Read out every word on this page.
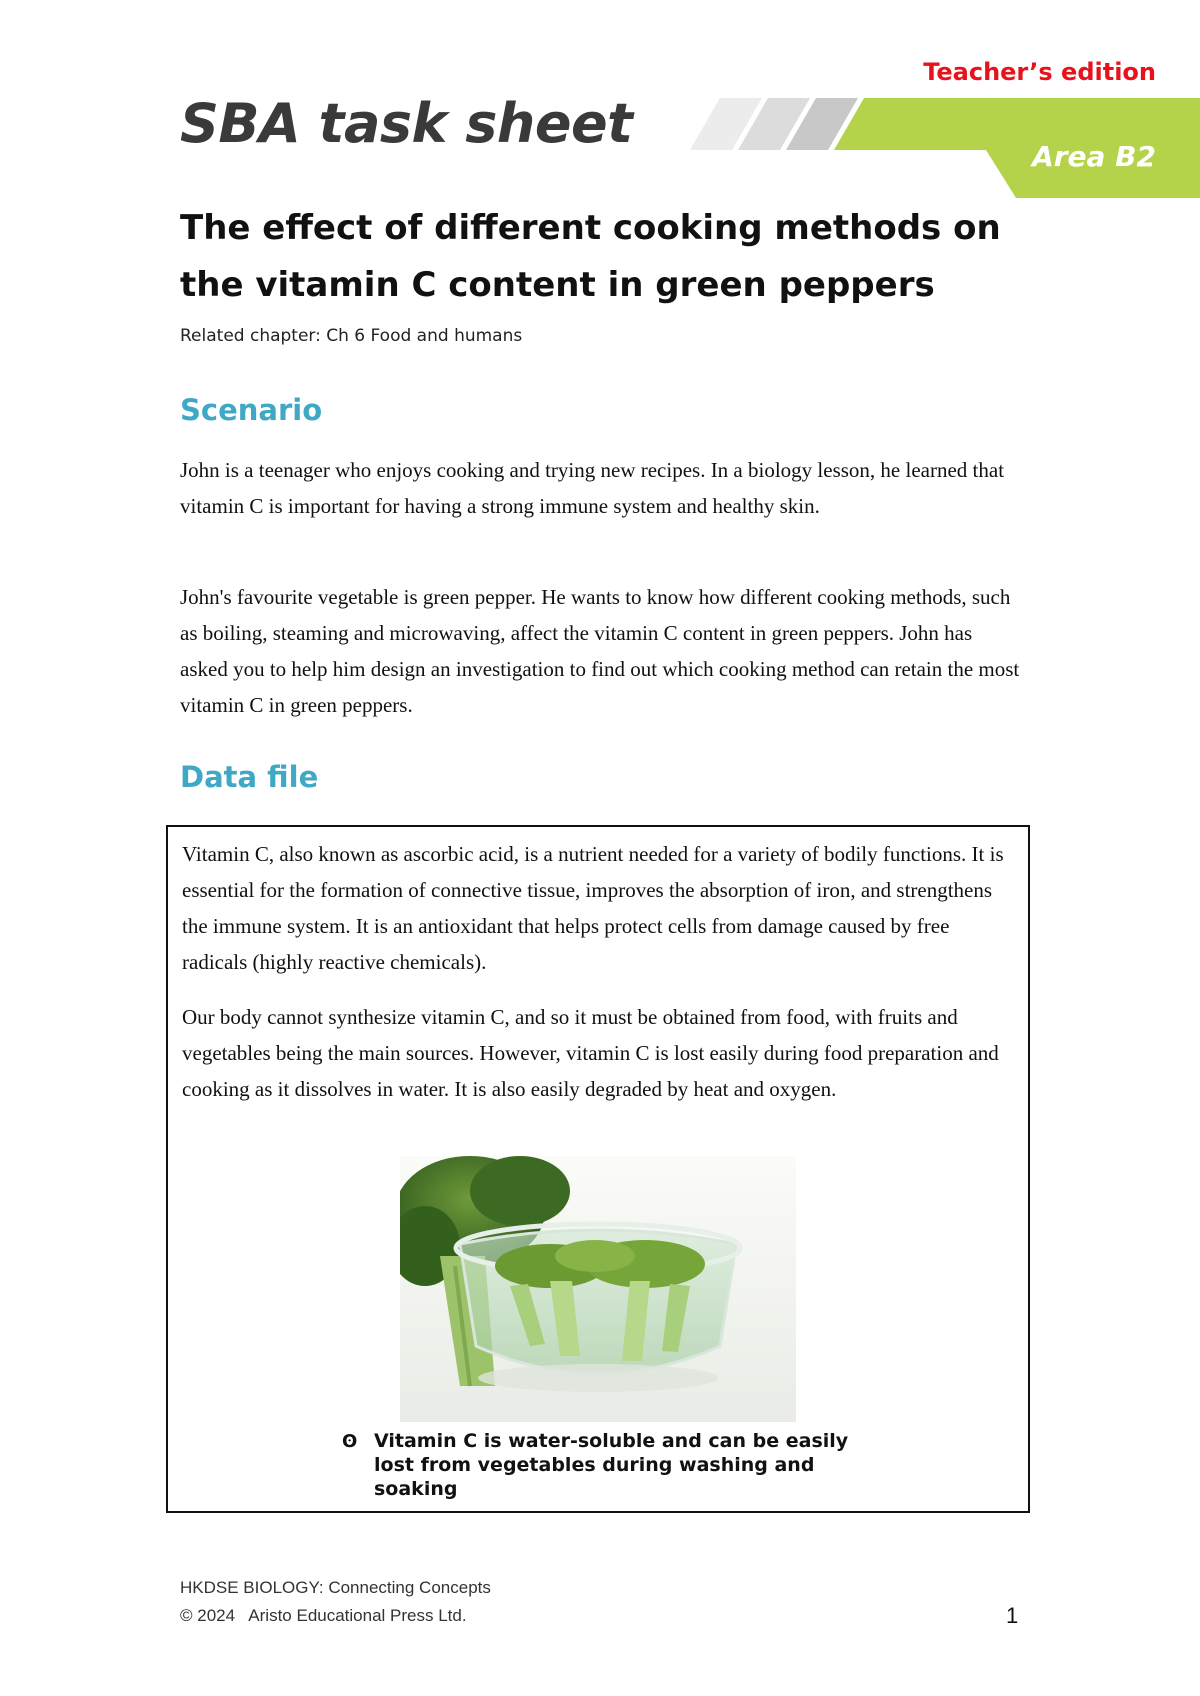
Teacher’s edition
SBA task sheet
Area B2
The effect of different cooking methods on the vitamin C content in green peppers
Related chapter: Ch 6 Food and humans
Scenario

John is a teenager who enjoys cooking and trying new recipes. In a biology lesson, he learned that vitamin C is important for having a strong immune system and healthy skin.

John's favourite vegetable is green pepper. He wants to know how different cooking methods, such as boiling, steaming and microwaving, affect the vitamin C content in green peppers. John has asked you to help him design an investigation to find out which cooking method can retain the most vitamin C in green peppers.

Data file

Vitamin C, also known as ascorbic acid, is a nutrient needed for a variety of bodily functions. It is essential for the formation of connective tissue, improves the absorption of iron, and strengthens the immune system. It is an antioxidant that helps protect cells from damage caused by free radicals (highly reactive chemicals).

Our body cannot synthesize vitamin C, and so it must be obtained from food, with fruits and vegetables being the main sources. However, vitamin C is lost easily during food preparation and cooking as it dissolves in water. It is also easily degraded by heat and oxygen.

ʘ Vitamin C is water-soluble and can be easily lost from vegetables during washing and soaking

HKDSE BIOLOGY: Connecting Concepts
© 2024   Aristo Educational Press Ltd.	1
